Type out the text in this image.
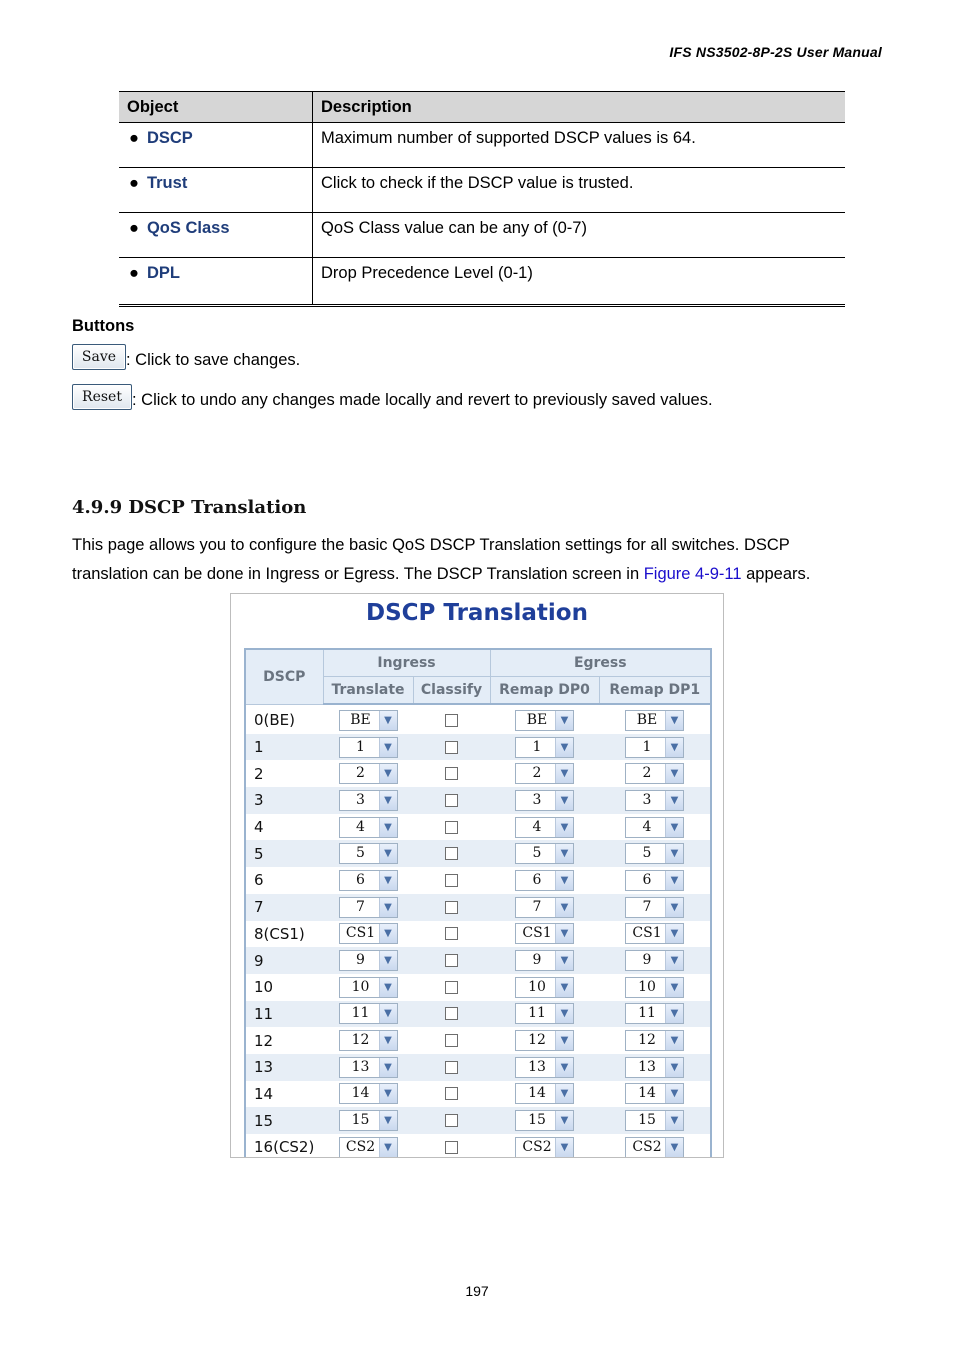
IFS NS3502-8P-2S User Manual
Object	Description
● DSCP	Maximum number of supported DSCP values is 64.
● Trust	Click to check if the DSCP value is trusted.
● QoS Class	QoS Class value can be any of (0-7)
● DPL	Drop Precedence Level (0-1)
Buttons
Save : Click to save changes.
Reset : Click to undo any changes made locally and revert to previously saved values.
4.9.9 DSCP Translation
This page allows you to configure the basic QoS DSCP Translation settings for all switches. DSCP translation can be done in Ingress or Egress. The DSCP Translation screen in Figure 4-9-11 appears.
DSCP Translation
DSCP	Ingress		Egress	
	Translate	Classify	Remap DP0	Remap DP1
0(BE)	BE ▼		BE ▼	BE ▼

1	1 ▼		1 ▼	1 ▼

2	2 ▼		2 ▼	2 ▼

3	3 ▼		3 ▼	3 ▼

4	4 ▼		4 ▼	4 ▼

5	5 ▼		5 ▼	5 ▼

6	6 ▼		6 ▼	6 ▼

7	7 ▼		7 ▼	7 ▼

8(CS1)	CS1 ▼		CS1 ▼	CS1 ▼

9	9 ▼		9 ▼	9 ▼

10	10 ▼		10 ▼	10 ▼

11	11 ▼		11 ▼	11 ▼

12	12 ▼		12 ▼	12 ▼

13	13 ▼		13 ▼	13 ▼

14	14 ▼		14 ▼	14 ▼

15	15 ▼		15 ▼	15 ▼

16(CS2)	CS2 ▼		CS2 ▼	CS2 ▼
197
